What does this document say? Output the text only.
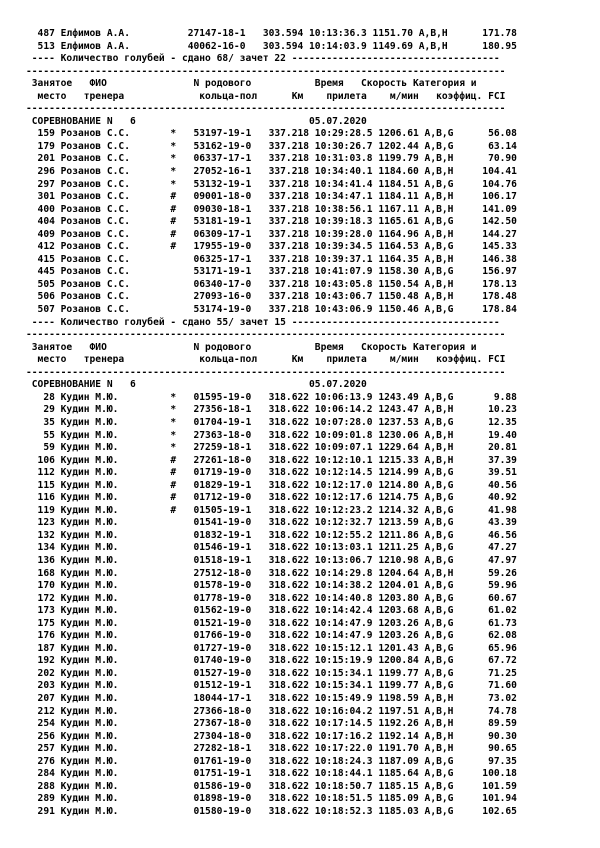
487 Елфимов А.А.          27147-18-1   303.594 10:13:36.3 1151.70 A,B,H      171.78
513 Елфимов А.А.          40062-16-0   303.594 10:14:03.9 1149.69 A,B,H      180.95
---- Количество голубей - сдано 68/ зачет 22 ------------------------------------
-----------------------------------------------------------------------------------
Занятое   ФИО               N родового           Время   Скорость Категория и
место   тренера             кольца-пол      Км    прилета    м/мин   коэффиц. FCI
-----------------------------------------------------------------------------------
СОРЕВНОВАНИЕ N   6                              05.07.2020
159 Розанов С.С.       *   53197-19-1   337.218 10:29:28.5 1206.61 A,B,G      56.08
179 Розанов С.С.       *   53162-19-0   337.218 10:30:26.7 1202.44 A,B,G      63.14
201 Розанов С.С.       *   06337-17-1   337.218 10:31:03.8 1199.79 A,B,H      70.90
296 Розанов С.С.       *   27052-16-1   337.218 10:34:40.1 1184.60 A,B,H     104.41
297 Розанов С.С.       *   53132-19-1   337.218 10:34:41.4 1184.51 A,B,G     104.76
301 Розанов С.С.       #   09001-18-0   337.218 10:34:47.1 1184.11 A,B,H     106.17
400 Розанов С.С.       #   09030-18-1   337.218 10:38:56.1 1167.11 A,B,H     141.09
404 Розанов С.С.       #   53181-19-1   337.218 10:39:18.3 1165.61 A,B,G     142.50
409 Розанов С.С.       #   06309-17-1   337.218 10:39:28.0 1164.96 A,B,H     144.27
412 Розанов С.С.       #   17955-19-0   337.218 10:39:34.5 1164.53 A,B,G     145.33
415 Розанов С.С.           06325-17-1   337.218 10:39:37.1 1164.35 A,B,H     146.38
445 Розанов С.С.           53171-19-1   337.218 10:41:07.9 1158.30 A,B,G     156.97
505 Розанов С.С.           06340-17-0   337.218 10:43:05.8 1150.54 A,B,H     178.13
506 Розанов С.С.           27093-16-0   337.218 10:43:06.7 1150.48 A,B,H     178.48
507 Розанов С.С.           53174-19-0   337.218 10:43:06.9 1150.46 A,B,G     178.84
---- Количество голубей - сдано 55/ зачет 15 ------------------------------------
-----------------------------------------------------------------------------------
Занятое   ФИО               N родового           Время   Скорость Категория и
место   тренера             кольца-пол      Км    прилета    м/мин   коэффиц. FCI
-----------------------------------------------------------------------------------
СОРЕВНОВАНИЕ N   6                              05.07.2020
28 Кудин М.Ю.         *   01595-19-0   318.622 10:06:13.9 1243.49 A,B,G       9.88
29 Кудин М.Ю.         *   27356-18-1   318.622 10:06:14.2 1243.47 A,B,H      10.23
35 Кудин М.Ю.         *   01704-19-1   318.622 10:07:28.0 1237.53 A,B,G      12.35
55 Кудин М.Ю.         *   27363-18-0   318.622 10:09:01.8 1230.06 A,B,H      19.40
59 Кудин М.Ю.         *   27259-18-1   318.622 10:09:07.1 1229.64 A,B,H      20.81
106 Кудин М.Ю.         #   27261-18-0   318.622 10:12:10.1 1215.33 A,B,H      37.39
112 Кудин М.Ю.         #   01719-19-0   318.622 10:12:14.5 1214.99 A,B,G      39.51
115 Кудин М.Ю.         #   01829-19-1   318.622 10:12:17.0 1214.80 A,B,G      40.56
116 Кудин М.Ю.         #   01712-19-0   318.622 10:12:17.6 1214.75 A,B,G      40.92
119 Кудин М.Ю.         #   01505-19-1   318.622 10:12:23.2 1214.32 A,B,G      41.98
123 Кудин М.Ю.             01541-19-0   318.622 10:12:32.7 1213.59 A,B,G      43.39
132 Кудин М.Ю.             01832-19-1   318.622 10:12:55.2 1211.86 A,B,G      46.56
134 Кудин М.Ю.             01546-19-1   318.622 10:13:03.1 1211.25 A,B,G      47.27
136 Кудин М.Ю.             01518-19-1   318.622 10:13:06.7 1210.98 A,B,G      47.97
168 Кудин М.Ю.             27512-18-0   318.622 10:14:29.8 1204.64 A,B,H      59.26
170 Кудин М.Ю.             01578-19-0   318.622 10:14:38.2 1204.01 A,B,G      59.96
172 Кудин М.Ю.             01778-19-0   318.622 10:14:40.8 1203.80 A,B,G      60.67
173 Кудин М.Ю.             01562-19-0   318.622 10:14:42.4 1203.68 A,B,G      61.02
175 Кудин М.Ю.             01521-19-0   318.622 10:14:47.9 1203.26 A,B,G      61.73
176 Кудин М.Ю.             01766-19-0   318.622 10:14:47.9 1203.26 A,B,G      62.08
187 Кудин М.Ю.             01727-19-0   318.622 10:15:12.1 1201.43 A,B,G      65.96
192 Кудин М.Ю.             01740-19-0   318.622 10:15:19.9 1200.84 A,B,G      67.72
202 Кудин М.Ю.             01527-19-0   318.622 10:15:34.1 1199.77 A,B,G      71.25
203 Кудин М.Ю.             01512-19-1   318.622 10:15:34.1 1199.77 A,B,G      71.60
207 Кудин М.Ю.             18044-17-1   318.622 10:15:49.9 1198.59 A,B,H      73.02
212 Кудин М.Ю.             27366-18-0   318.622 10:16:04.2 1197.51 A,B,H      74.78
254 Кудин М.Ю.             27367-18-0   318.622 10:17:14.5 1192.26 A,B,H      89.59
256 Кудин М.Ю.             27304-18-0   318.622 10:17:16.2 1192.14 A,B,H      90.30
257 Кудин М.Ю.             27282-18-1   318.622 10:17:22.0 1191.70 A,B,H      90.65
276 Кудин М.Ю.             01761-19-0   318.622 10:18:24.3 1187.09 A,B,G      97.35
284 Кудин М.Ю.             01751-19-1   318.622 10:18:44.1 1185.64 A,B,G     100.18
288 Кудин М.Ю.             01586-19-0   318.622 10:18:50.7 1185.15 A,B,G     101.59
289 Кудин М.Ю.             01898-19-0   318.622 10:18:51.5 1185.09 A,B,G     101.94
291 Кудин М.Ю.             01580-19-0   318.622 10:18:52.3 1185.03 A,B,G     102.65
